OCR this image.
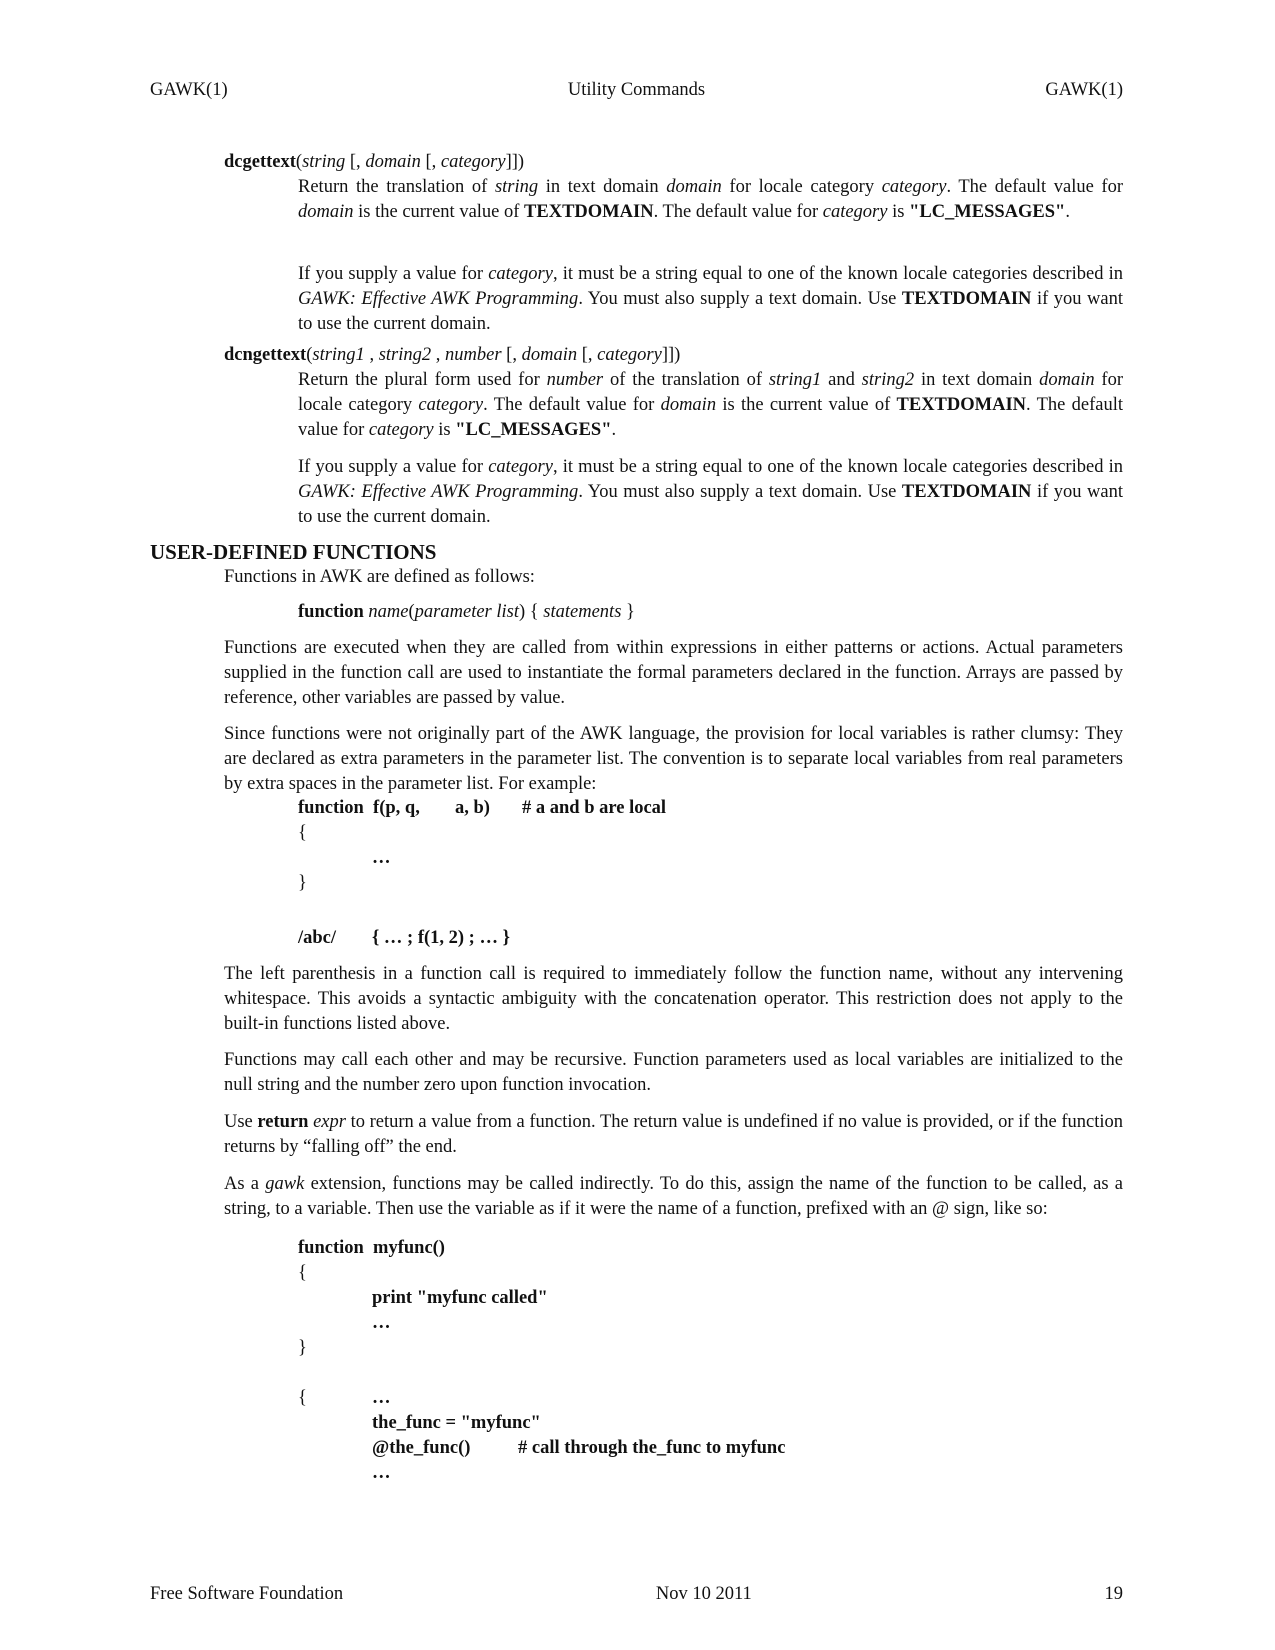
GAWK(1)	Utility Commands	GAWK(1)
dcgettext(string [, domain [, category]])
Return the translation of string in text domain domain for locale category category. The default value for domain is the current value of TEXTDOMAIN. The default value for category is "LC_MESSAGES".
If you supply a value for category, it must be a string equal to one of the known locale categories described in GAWK: Effective AWK Programming. You must also supply a text domain. Use TEXTDOMAIN if you want to use the current domain.
dcngettext(string1 , string2 , number [, domain [, category]])
Return the plural form used for number of the translation of string1 and string2 in text domain domain for locale category category. The default value for domain is the current value of TEXTDOMAIN. The default value for category is "LC_MESSAGES".
If you supply a value for category, it must be a string equal to one of the known locale categories described in GAWK: Effective AWK Programming. You must also supply a text domain. Use TEXTDOMAIN if you want to use the current domain.
USER-DEFINED FUNCTIONS
Functions in AWK are defined as follows:
function name(parameter list) { statements }
Functions are executed when they are called from within expressions in either patterns or actions. Actual parameters supplied in the function call are used to instantiate the formal parameters declared in the function. Arrays are passed by reference, other variables are passed by value.
Since functions were not originally part of the AWK language, the provision for local variables is rather clumsy: They are declared as extra parameters in the parameter list. The convention is to separate local variables from real parameters by extra spaces in the parameter list. For example:
function  f(p, q, a, b) # a and b are local
{
…
}
/abc/ { … ; f(1, 2) ; … }
The left parenthesis in a function call is required to immediately follow the function name, without any intervening whitespace. This avoids a syntactic ambiguity with the concatenation operator. This restriction does not apply to the built-in functions listed above.
Functions may call each other and may be recursive. Function parameters used as local variables are initialized to the null string and the number zero upon function invocation.
Use return expr to return a value from a function. The return value is undefined if no value is provided, or if the function returns by “falling off” the end.
As a gawk extension, functions may be called indirectly. To do this, assign the name of the function to be called, as a string, to a variable. Then use the variable as if it were the name of a function, prefixed with an @ sign, like so:
function  myfunc()
{
print "myfunc called"
…
}
{	…
the_func = "myfunc"
@the_func()	# call through the_func to myfunc
…
Free Software Foundation	Nov 10 2011	19
